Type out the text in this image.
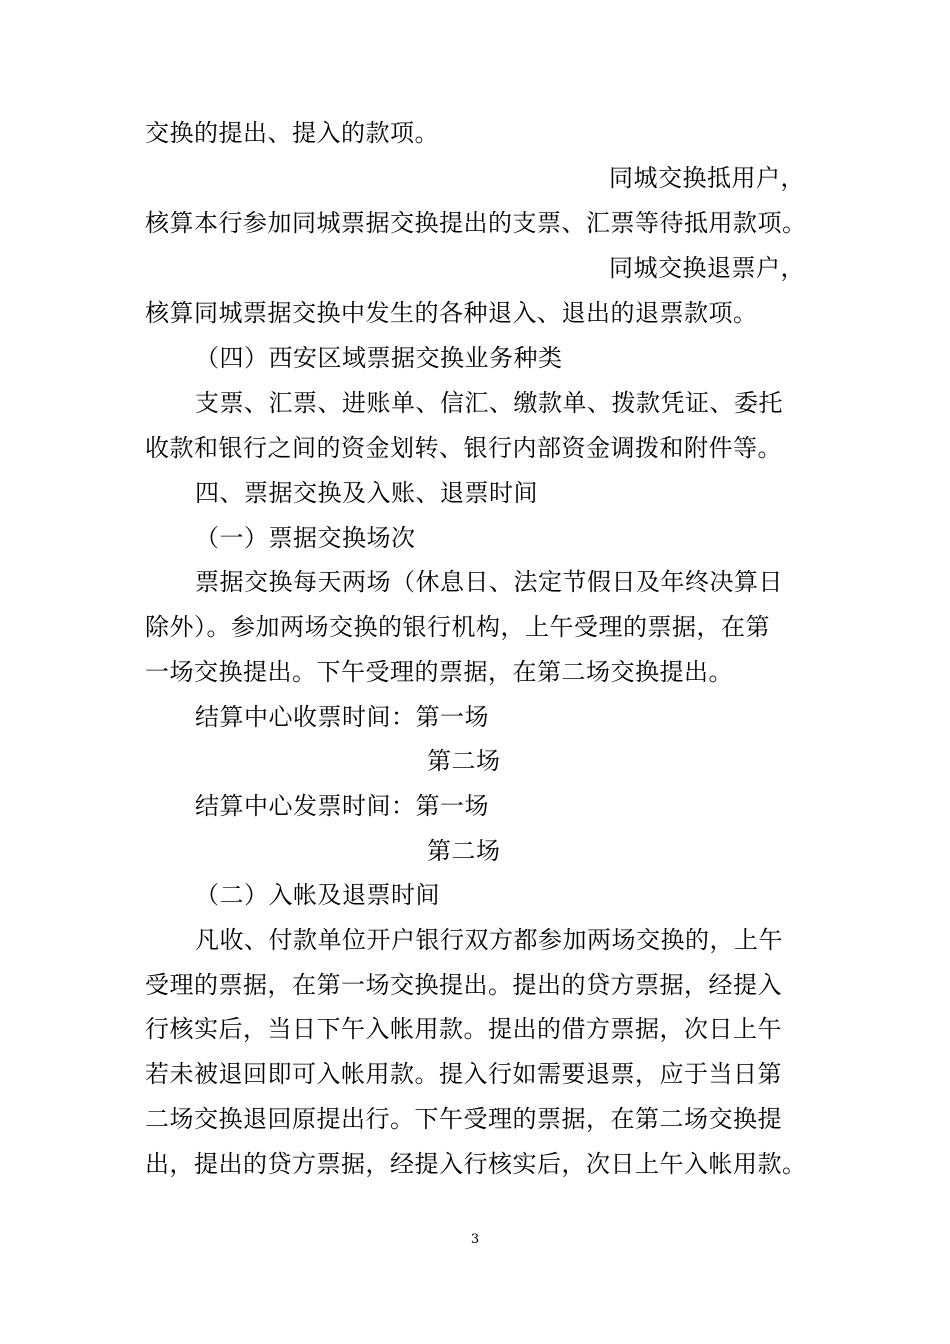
交换的提出、提入的款项。
同城交换抵用户，
核算本行参加同城票据交换提出的支票、汇票等待抵用款项。
同城交换退票户，
核算同城票据交换中发生的各种退入、退出的退票款项。
（四）西安区域票据交换业务种类
支票、汇票、进账单、信汇、缴款单、拨款凭证、委托
收款和银行之间的资金划转、银行内部资金调拨和附件等。
四、票据交换及入账、退票时间
（一）票据交换场次
票据交换每天两场（休息日、法定节假日及年终决算日
除外）。参加两场交换的银行机构，上午受理的票据，在第
一场交换提出。下午受理的票据，在第二场交换提出。
结算中心收票时间：第一场
第二场
结算中心发票时间：第一场
第二场
（二）入帐及退票时间
凡收、付款单位开户银行双方都参加两场交换的，上午
受理的票据，在第一场交换提出。提出的贷方票据，经提入
行核实后，当日下午入帐用款。提出的借方票据，次日上午
若未被退回即可入帐用款。提入行如需要退票，应于当日第
二场交换退回原提出行。下午受理的票据，在第二场交换提
出，提出的贷方票据，经提入行核实后，次日上午入帐用款。
3
